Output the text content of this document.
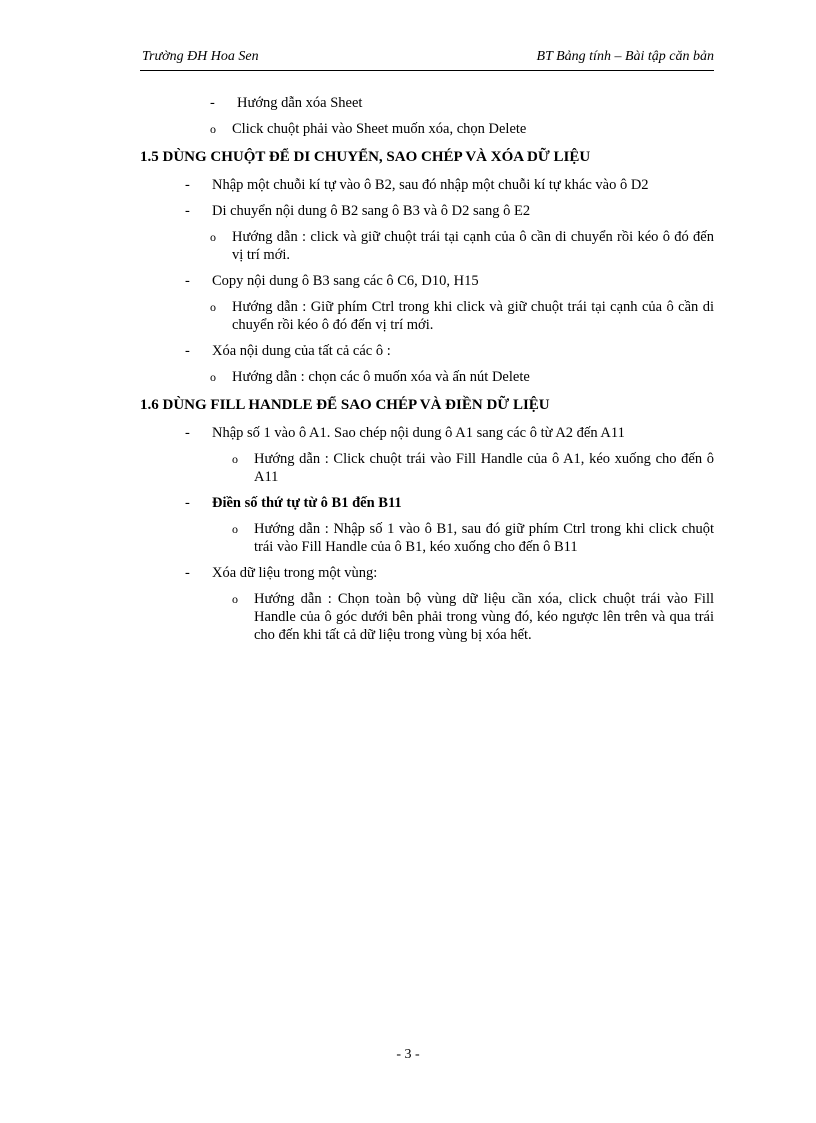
Trường ĐH Hoa Sen	BT Bảng tính – Bài tập căn bản
- Hướng dẫn xóa Sheet
o Click chuột phải vào Sheet muốn xóa, chọn Delete
1.5 DÙNG CHUỘT ĐỂ DI CHUYỂN, SAO CHÉP VÀ XÓA DỮ LIỆU
- Nhập một chuỗi kí tự vào ô B2, sau đó nhập một chuỗi kí tự khác vào ô D2
- Di chuyển nội dung ô B2 sang ô B3 và ô D2 sang ô E2
o Hướng dẫn : click và giữ chuột trái tại cạnh của ô cần di chuyển rồi kéo ô đó đến vị trí mới.
- Copy nội dung ô B3 sang các ô C6, D10, H15
o Hướng dẫn : Giữ phím Ctrl trong khi click và giữ chuột trái tại cạnh của ô cần di chuyển rồi kéo ô đó đến vị trí mới.
- Xóa nội dung của tất cả các ô :
o Hướng dẫn : chọn các ô muốn xóa và ấn nút Delete
1.6 DÙNG FILL HANDLE ĐỂ SAO CHÉP VÀ ĐIỀN DỮ LIỆU
- Nhập số 1 vào ô A1. Sao chép nội dung ô A1 sang các ô từ A2 đến A11
o Hướng dẫn : Click chuột trái vào Fill Handle của ô A1, kéo xuống cho đến ô A11
- Điền số thứ tự từ ô B1 đến B11
o Hướng dẫn : Nhập số 1 vào ô B1, sau đó giữ phím Ctrl trong khi click chuột trái vào Fill Handle của ô B1, kéo xuống cho đến ô B11
- Xóa dữ liệu trong một vùng:
o Hướng dẫn : Chọn toàn bộ vùng dữ liệu cần xóa, click chuột trái vào Fill Handle của ô góc dưới bên phải trong vùng đó, kéo ngược lên trên và qua trái cho đến khi tất cả dữ liệu trong vùng bị xóa hết.
- 3 -
